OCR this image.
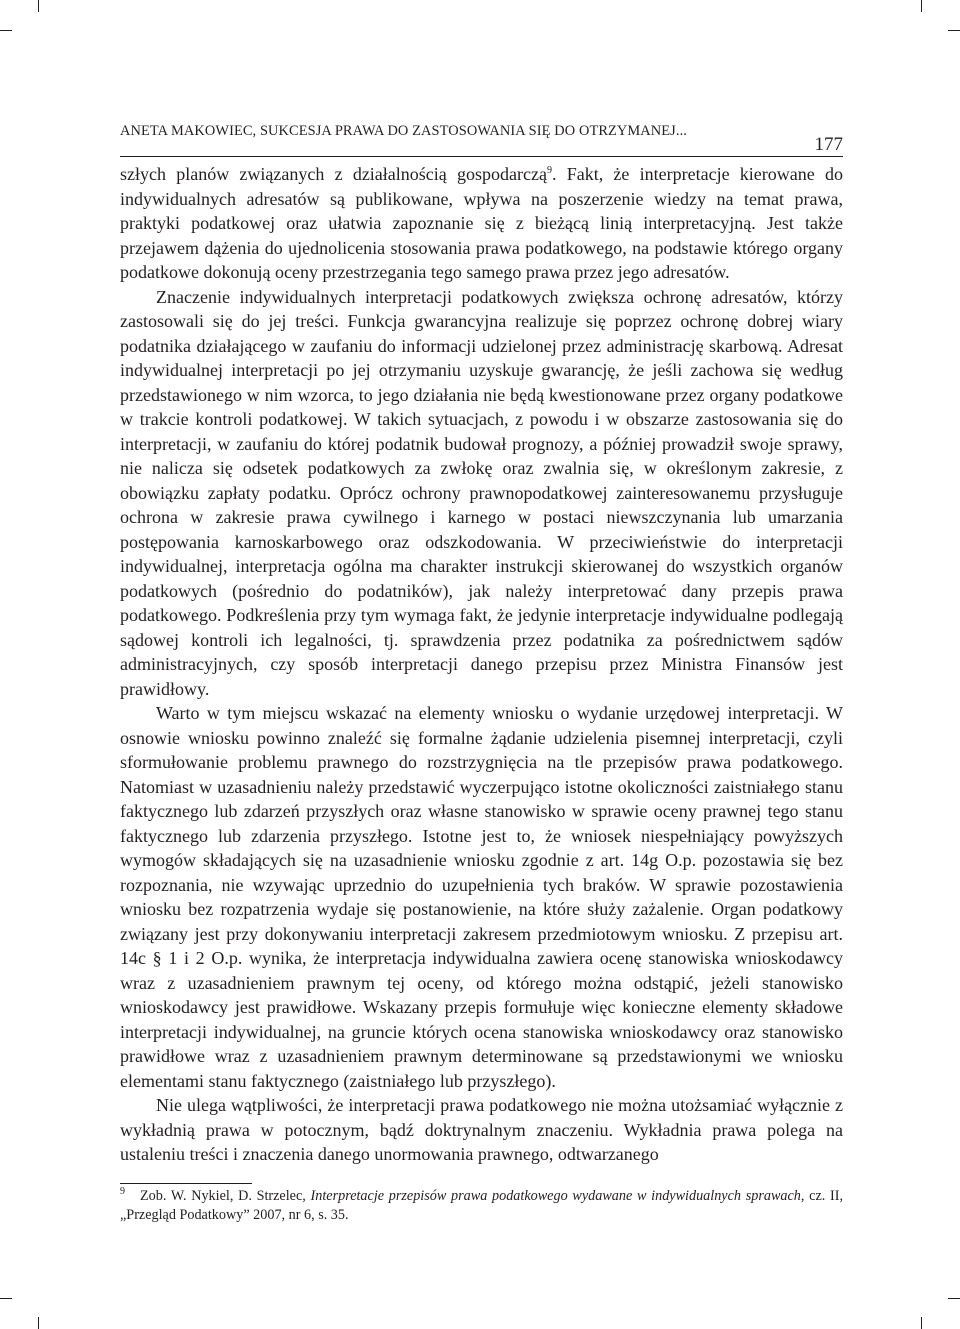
ANETA MAKOWIEC, SUKCESJA PRAWA DO ZASTOSOWANIA SIĘ DO OTRZYMANEJ...
177

szłych planów związanych z działalnością gospodarczą$^9$. Fakt, że interpretacje kierowane do indywidualnych adresatów są publikowane, wpływa na poszerzenie wiedzy na temat prawa, praktyki podatkowej oraz ułatwia zapoznanie się z bieżącą linią interpretacyjną. Jest także przejawem dążenia do ujednolicenia stosowania prawa podatkowego, na podstawie którego organy podatkowe dokonują oceny przestrzegania tego samego prawa przez jego adresatów.

Znaczenie indywidualnych interpretacji podatkowych zwiększa ochronę adresatów, którzy zastosowali się do jej treści. Funkcja gwarancyjna realizuje się poprzez ochronę dobrej wiary podatnika działającego w zaufaniu do informacji udzielonej przez administrację skarbową. Adresat indywidualnej interpretacji po jej otrzymaniu uzyskuje gwarancję, że jeśli zachowa się według przedstawionego w nim wzorca, to jego działania nie będą kwestionowane przez organy podatkowe w trakcie kontroli podatkowej. W takich sytuacjach, z powodu i w obszarze zastosowania się do interpretacji, w zaufaniu do której podatnik budował prognozy, a później prowadził swoje sprawy, nie nalicza się odsetek podatkowych za zwłokę oraz zwalnia się, w określonym zakresie, z obowiązku zapłaty podatku. Oprócz ochrony prawnopodatkowej zainteresowanemu przysługuje ochrona w zakresie prawa cywilnego i karnego w postaci niewszczynania lub umarzania postępowania karnoskarbowego oraz odszkodowania. W przeciwieństwie do interpretacji indywidualnej, interpretacja ogólna ma charakter instrukcji skierowanej do wszystkich organów podatkowych (pośrednio do podatników), jak należy interpretować dany przepis prawa podatkowego. Podkreślenia przy tym wymaga fakt, że jedynie interpretacje indywidualne podlegają sądowej kontroli ich legalności, tj. sprawdzenia przez podatnika za pośrednictwem sądów administracyjnych, czy sposób interpretacji danego przepisu przez Ministra Finansów jest prawidłowy.

Warto w tym miejscu wskazać na elementy wniosku o wydanie urzędowej interpretacji. W osnowie wniosku powinno znaleźć się formalne żądanie udzielenia pisemnej interpretacji, czyli sformułowanie problemu prawnego do rozstrzygnięcia na tle przepisów prawa podatkowego. Natomiast w uzasadnieniu należy przedstawić wyczerpująco istotne okoliczności zaistniałego stanu faktycznego lub zdarzeń przyszłych oraz własne stanowisko w sprawie oceny prawnej tego stanu faktycznego lub zdarzenia przyszłego. Istotne jest to, że wniosek niespełniający powyższych wymogów składających się na uzasadnienie wniosku zgodnie z art. 14g O.p. pozostawia się bez rozpoznania, nie wzywając uprzednio do uzupełnienia tych braków. W sprawie pozostawienia wniosku bez rozpatrzenia wydaje się postanowienie, na które służy zażalenie. Organ podatkowy związany jest przy dokonywaniu interpretacji zakresem przedmiotowym wniosku. Z przepisu art. 14c § 1 i 2 O.p. wynika, że interpretacja indywidualna zawiera ocenę stanowiska wnioskodawcy wraz z uzasadnieniem prawnym tej oceny, od którego można odstąpić, jeżeli stanowisko wnioskodawcy jest prawidłowe. Wskazany przepis formułuje więc konieczne elementy składowe interpretacji indywidualnej, na gruncie których ocena stanowiska wnioskodawcy oraz stanowisko prawidłowe wraz z uzasadnieniem prawnym determinowane są przedstawionymi we wniosku elementami stanu faktycznego (zaistniałego lub przyszłego).

Nie ulega wątpliwości, że interpretacji prawa podatkowego nie można utożsamiać wyłącznie z wykładnią prawa w potocznym, bądź doktrynalnym znaczeniu. Wykładnia prawa polega na ustaleniu treści i znaczenia danego unormowania prawnego, odtwarzanego

9 Zob. W. Nykiel, D. Strzelec, Interpretacje przepisów prawa podatkowego wydawane w indywidualnych sprawach, cz. II, „Przegląd Podatkowy” 2007, nr 6, s. 35.
